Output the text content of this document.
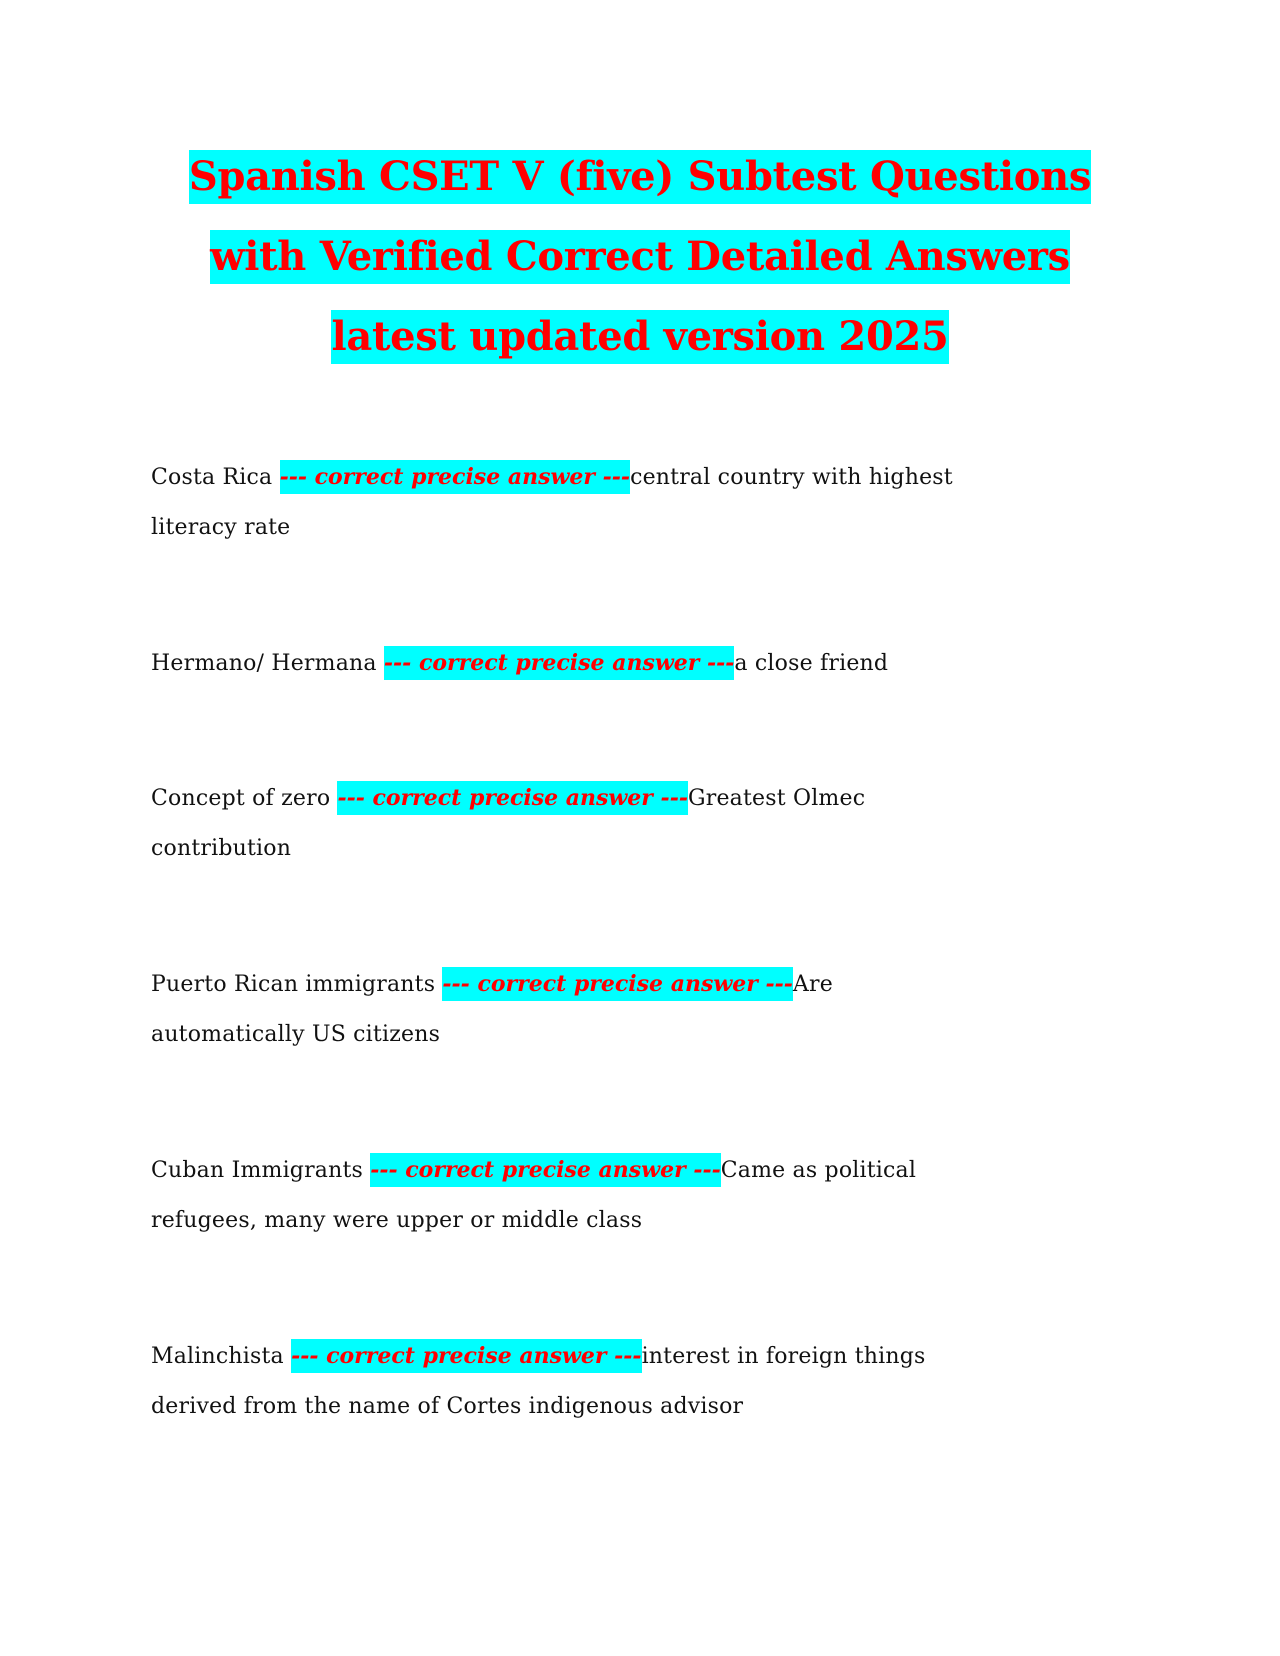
Spanish CSET V (five) Subtest Questions
with Verified Correct Detailed Answers
latest updated version 2025
Costa Rica --- correct precise answer ---central country with highest
literacy rate
Hermano/ Hermana --- correct precise answer ---a close friend
Concept of zero --- correct precise answer ---Greatest Olmec
contribution
Puerto Rican immigrants --- correct precise answer ---Are
automatically US citizens
Cuban Immigrants --- correct precise answer ---Came as political
refugees, many were upper or middle class
Malinchista --- correct precise answer ---interest in foreign things
derived from the name of Cortes indigenous advisor
